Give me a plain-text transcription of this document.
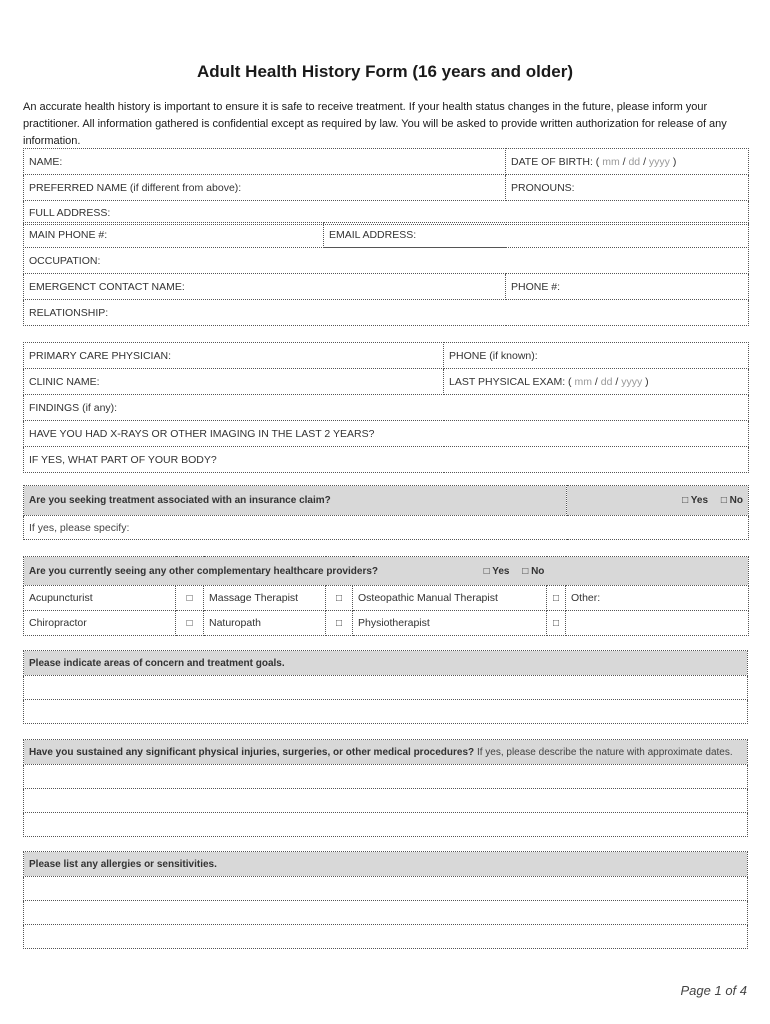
Adult Health History Form (16 years and older)
An accurate health history is important to ensure it is safe to receive treatment. If your health status changes in the future, please inform your practitioner. All information gathered is confidential except as required by law. You will be asked to provide written authorization for release of any information.
NAME:	DATE OF BIRTH: ( mm / dd / yyyy )
PREFERRED NAME (if different from above):	PRONOUNS:
FULL ADDRESS:	
MAIN PHONE #:	EMAIL ADDRESS:
OCCUPATION:
EMERGENCT CONTACT NAME:	PHONE #:
RELATIONSHIP:
PRIMARY CARE PHYSICIAN:	PHONE (if known):
CLINIC NAME:	LAST PHYSICAL EXAM: ( mm / dd / yyyy )
FINDINGS (if any):	
HAVE YOU HAD X-RAYS OR OTHER IMAGING IN THE LAST 2 YEARS?	
IF YES, WHAT PART OF YOUR BODY?	
Are you seeking treatment associated with an insurance claim?	□ Yes □ No
If yes, please specify:
Are you currently seeing any other complementary healthcare providers? □ Yes □ No						
Acupuncturist	□	Massage Therapist	□	Osteopathic Manual Therapist	□	Other:
Chiropractor	□	Naturopath	□	Physiotherapist	□	
Please indicate areas of concern and treatment goals.

Have you sustained any significant physical injuries, surgeries, or other medical procedures? If yes, please describe the nature with approximate dates.

Please list any allergies or sensitivities.

Page 1 of 4
